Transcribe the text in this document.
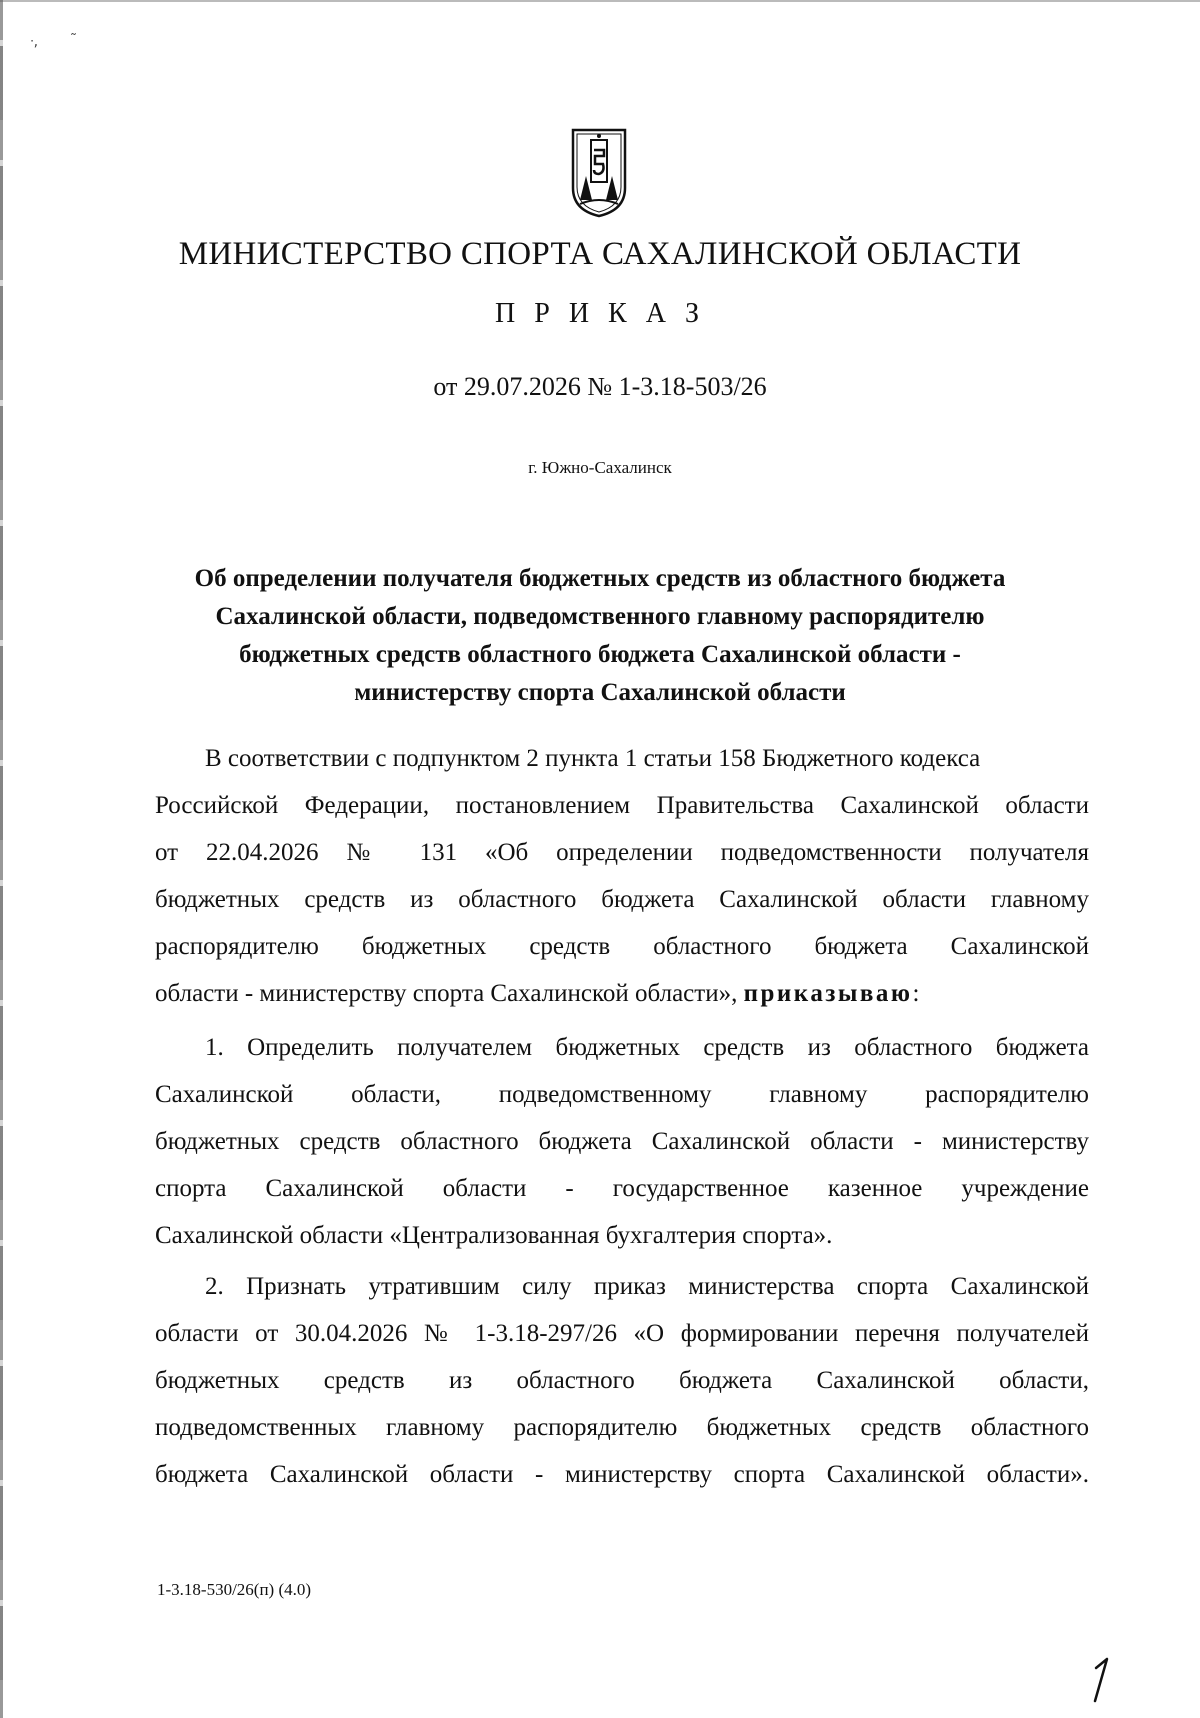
ᐧ, ˜
МИНИСТЕРСТВО СПОРТА САХАЛИНСКОЙ ОБЛАСТИ
П Р И К А З
от 29.07.2026 № 1-3.18-503/26
г. Южно-Сахалинск
Об определении получателя бюджетных средств из областного бюджета
Сахалинской области, подведомственного главному распорядителю
бюджетных средств областного бюджета Сахалинской области -
министерству спорта Сахалинской области
В соответствии с подпунктом 2 пункта 1 статьи 158 Бюджетного кодекса
Российской Федерации, постановлением Правительства Сахалинской области
от 22.04.2026 № 131 «Об определении подведомственности получателя
бюджетных средств из областного бюджета Сахалинской области главному
распорядителю бюджетных средств областного бюджета Сахалинской
области - министерству спорта Сахалинской области», приказываю:
1. Определить получателем бюджетных средств из областного бюджета
Сахалинской области, подведомственному главному распорядителю
бюджетных средств областного бюджета Сахалинской области - министерству
спорта Сахалинской области - государственное казенное учреждение
Сахалинской области «Централизованная бухгалтерия спорта».
2. Признать утратившим силу приказ министерства спорта Сахалинской
области от 30.04.2026 № 1-3.18-297/26 «О формировании перечня получателей
бюджетных средств из областного бюджета Сахалинской области,
подведомственных главному распорядителю бюджетных средств областного
бюджета Сахалинской области - министерству спорта Сахалинской области».
1-3.18-530/26(п) (4.0)
